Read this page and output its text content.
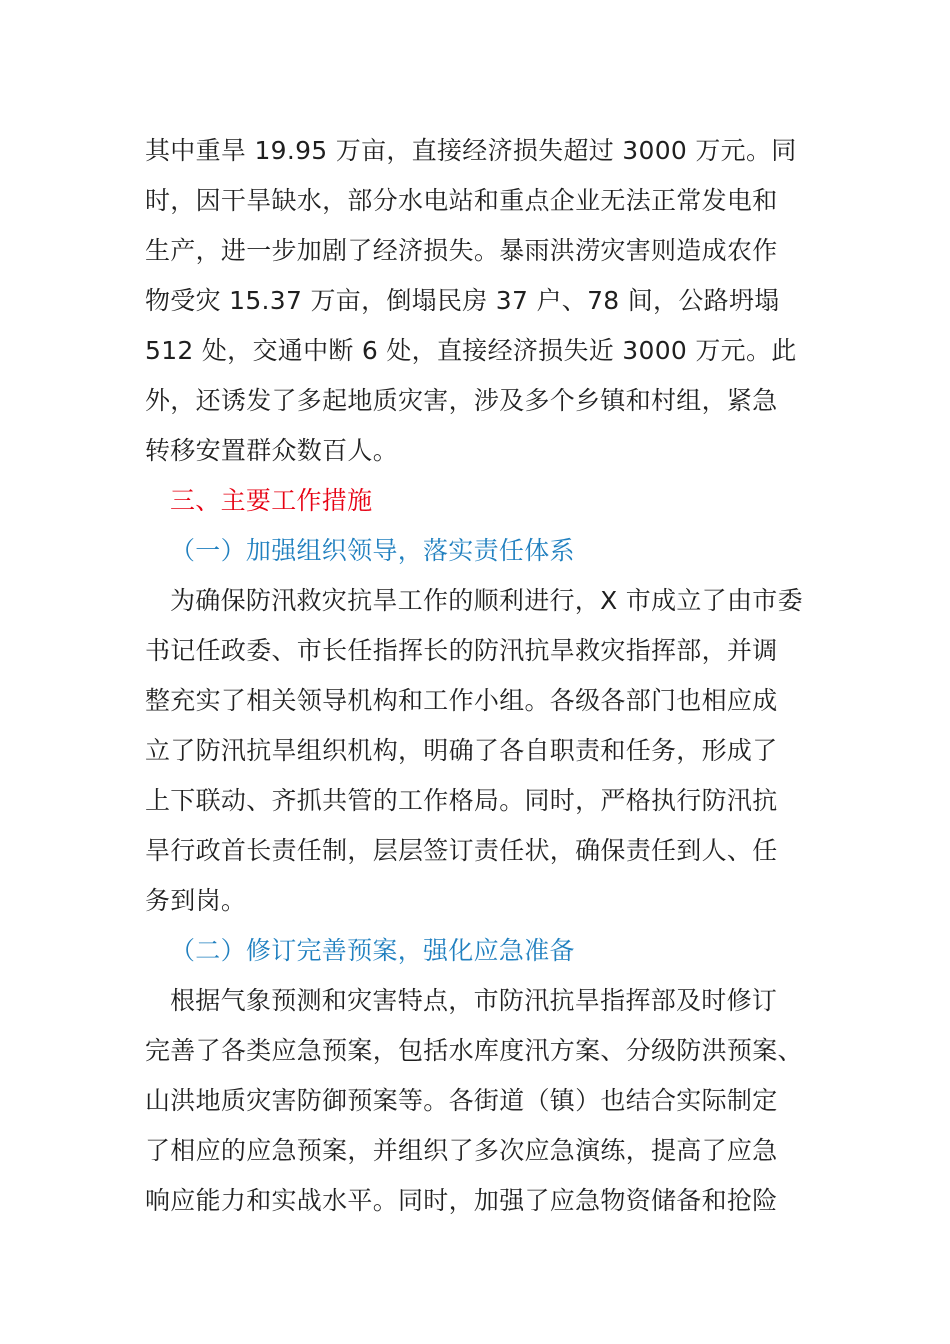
其中重旱 19.95 万亩，直接经济损失超过 3000 万元。同
时，因干旱缺水，部分水电站和重点企业无法正常发电和
生产，进一步加剧了经济损失。暴雨洪涝灾害则造成农作
物受灾 15.37 万亩，倒塌民房 37 户、78 间，公路坍塌
512 处，交通中断 6 处，直接经济损失近 3000 万元。此
外，还诱发了多起地质灾害，涉及多个乡镇和村组，紧急
转移安置群众数百人。
三、主要工作措施
（一）加强组织领导，落实责任体系
为确保防汛救灾抗旱工作的顺利进行，X 市成立了由市委
书记任政委、市长任指挥长的防汛抗旱救灾指挥部，并调
整充实了相关领导机构和工作小组。各级各部门也相应成
立了防汛抗旱组织机构，明确了各自职责和任务，形成了
上下联动、齐抓共管的工作格局。同时，严格执行防汛抗
旱行政首长责任制，层层签订责任状，确保责任到人、任
务到岗。
（二）修订完善预案，强化应急准备
根据气象预测和灾害特点，市防汛抗旱指挥部及时修订
完善了各类应急预案，包括水库度汛方案、分级防洪预案、
山洪地质灾害防御预案等。各街道（镇）也结合实际制定
了相应的应急预案，并组织了多次应急演练，提高了应急
响应能力和实战水平。同时，加强了应急物资储备和抢险
